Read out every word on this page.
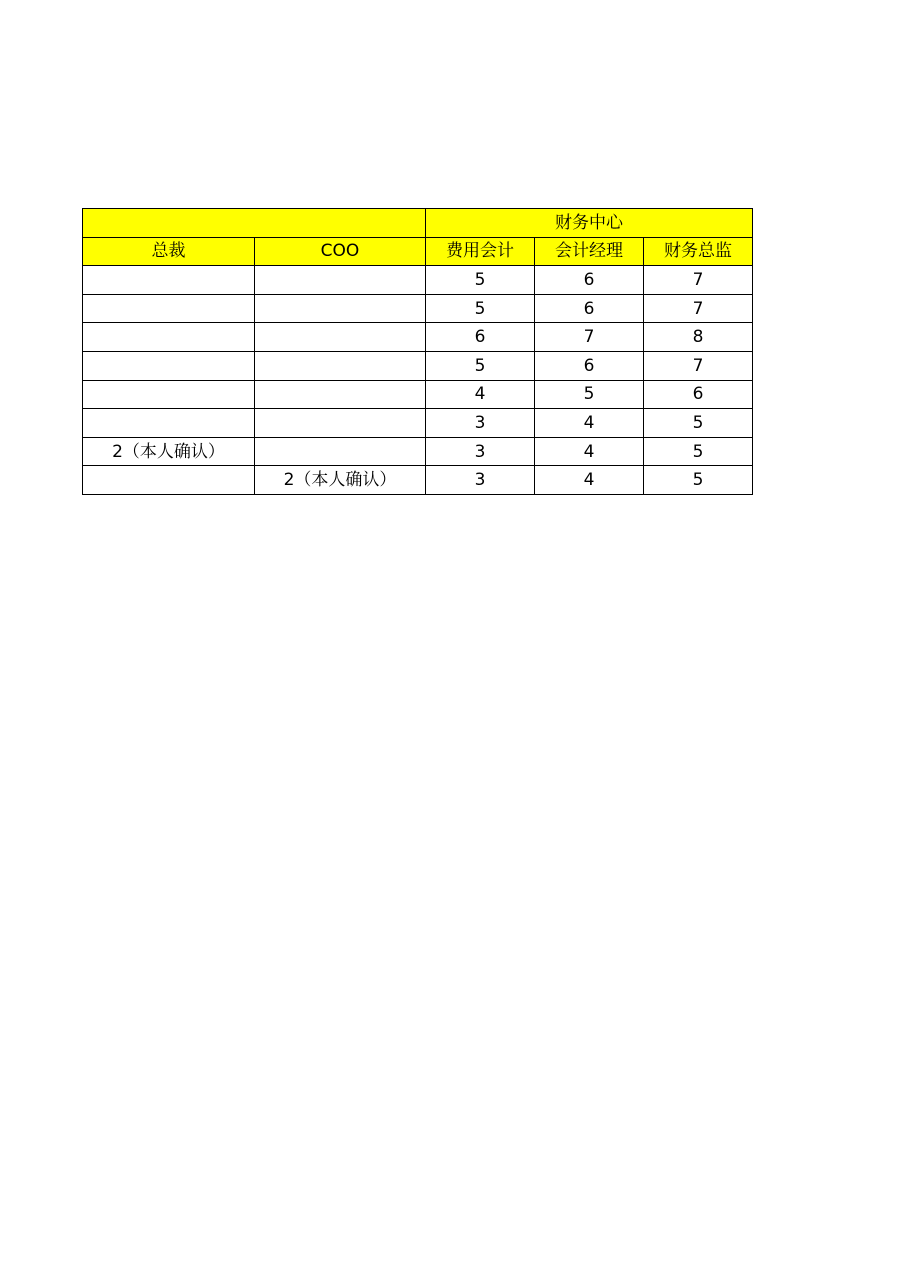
		财务中心		
总裁	COO	费用会计	会计经理	财务总监
		5	6	7
		5	6	7
		6	7	8
		5	6	7
		4	5	6
		3	4	5
2（本人确认）		3	4	5
	2（本人确认）	3	4	5
